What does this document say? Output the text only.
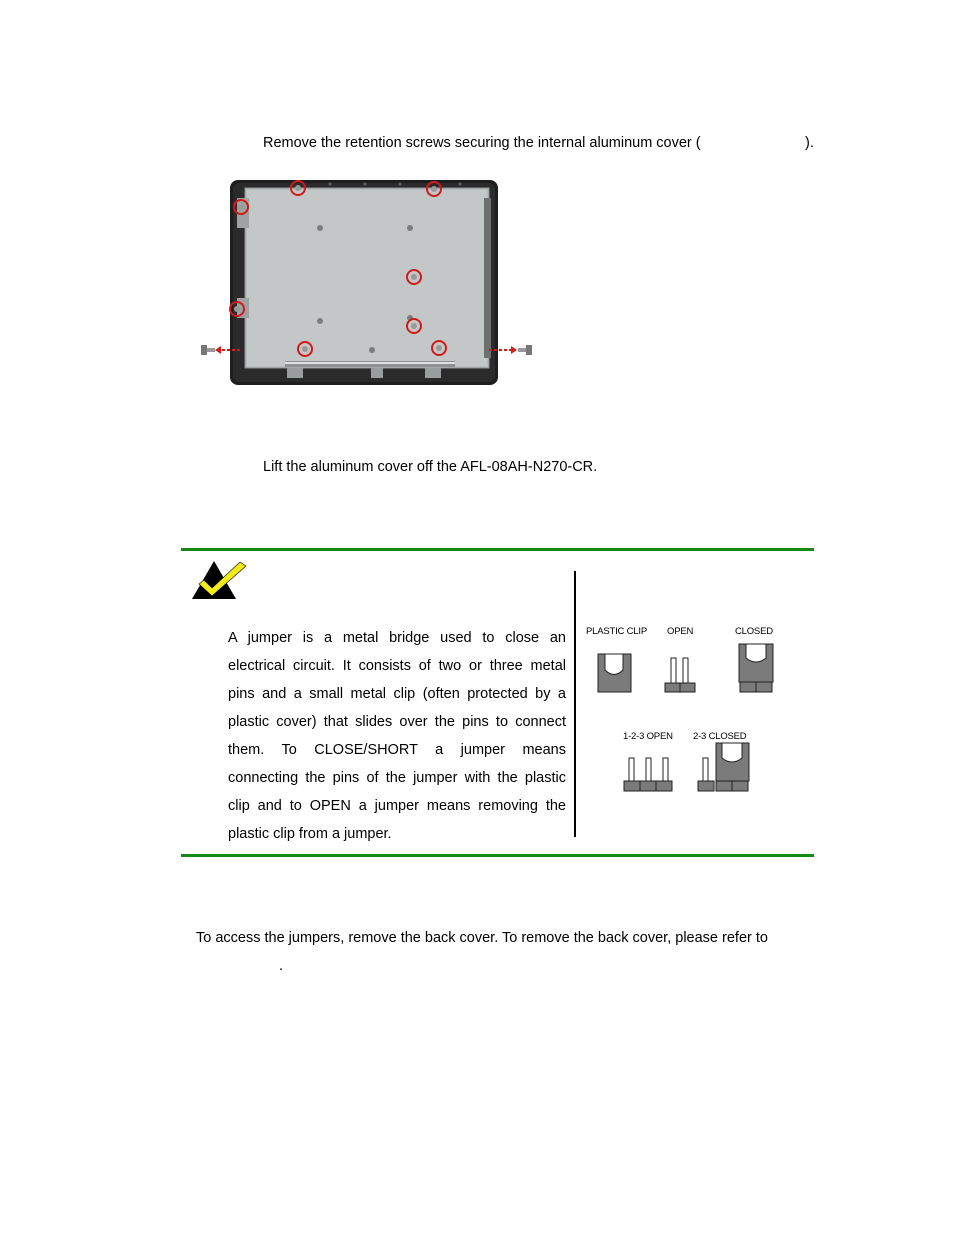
Remove the retention screws securing the internal aluminum cover (	).
Lift the aluminum cover off the AFL-08AH-N270-CR.
A jumper is a metal bridge used to close an electrical circuit. It consists of two or three metal pins and a small metal clip (often protected by a plastic cover) that slides over the pins to connect them. To CLOSE/SHORT a jumper means connecting the pins of the jumper with the plastic clip and to OPEN a jumper means removing the plastic clip from a jumper.
PLASTIC CLIP OPEN	CLOSED
1-2-3 OPEN 2-3 CLOSED
To access the jumpers, remove the back cover. To remove the back cover, please refer to
.
